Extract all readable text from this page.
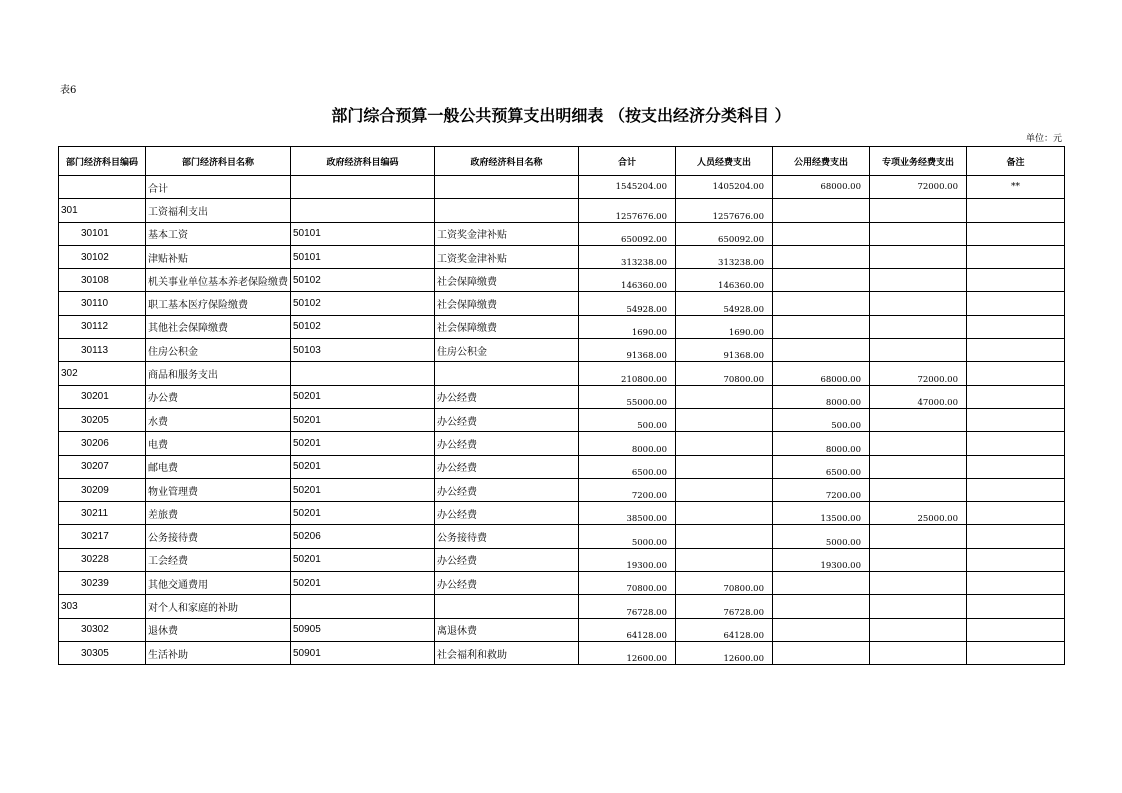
表6
部门综合预算一般公共预算支出明细表 （按支出经济分类科目 ）
单位：元
部门经济科目编码	部门经济科目名称	政府经济科目编码	政府经济科目名称	合计	人员经费支出	公用经费支出	专项业务经费支出	备注
	合计			1545204.00	1405204.00	68000.00	72000.00	**
301	工资福利支出			1257676.00	1257676.00			
30101	基本工资	50101	工资奖金津补贴	650092.00	650092.00			
30102	津贴补贴	50101	工资奖金津补贴	313238.00	313238.00			
30108	机关事业单位基本养老保险缴费	50102	社会保障缴费	146360.00	146360.00			
30110	职工基本医疗保险缴费	50102	社会保障缴费	54928.00	54928.00			
30112	其他社会保障缴费	50102	社会保障缴费	1690.00	1690.00			
30113	住房公积金	50103	住房公积金	91368.00	91368.00			
302	商品和服务支出			210800.00	70800.00	68000.00	72000.00	
30201	办公费	50201	办公经费	55000.00		8000.00	47000.00	
30205	水费	50201	办公经费	500.00		500.00		
30206	电费	50201	办公经费	8000.00		8000.00		
30207	邮电费	50201	办公经费	6500.00		6500.00		
30209	物业管理费	50201	办公经费	7200.00		7200.00		
30211	差旅费	50201	办公经费	38500.00		13500.00	25000.00	
30217	公务接待费	50206	公务接待费	5000.00		5000.00		
30228	工会经费	50201	办公经费	19300.00		19300.00		
30239	其他交通费用	50201	办公经费	70800.00	70800.00			
303	对个人和家庭的补助			76728.00	76728.00			
30302	退休费	50905	离退休费	64128.00	64128.00			
30305	生活补助	50901	社会福利和救助	12600.00	12600.00			
